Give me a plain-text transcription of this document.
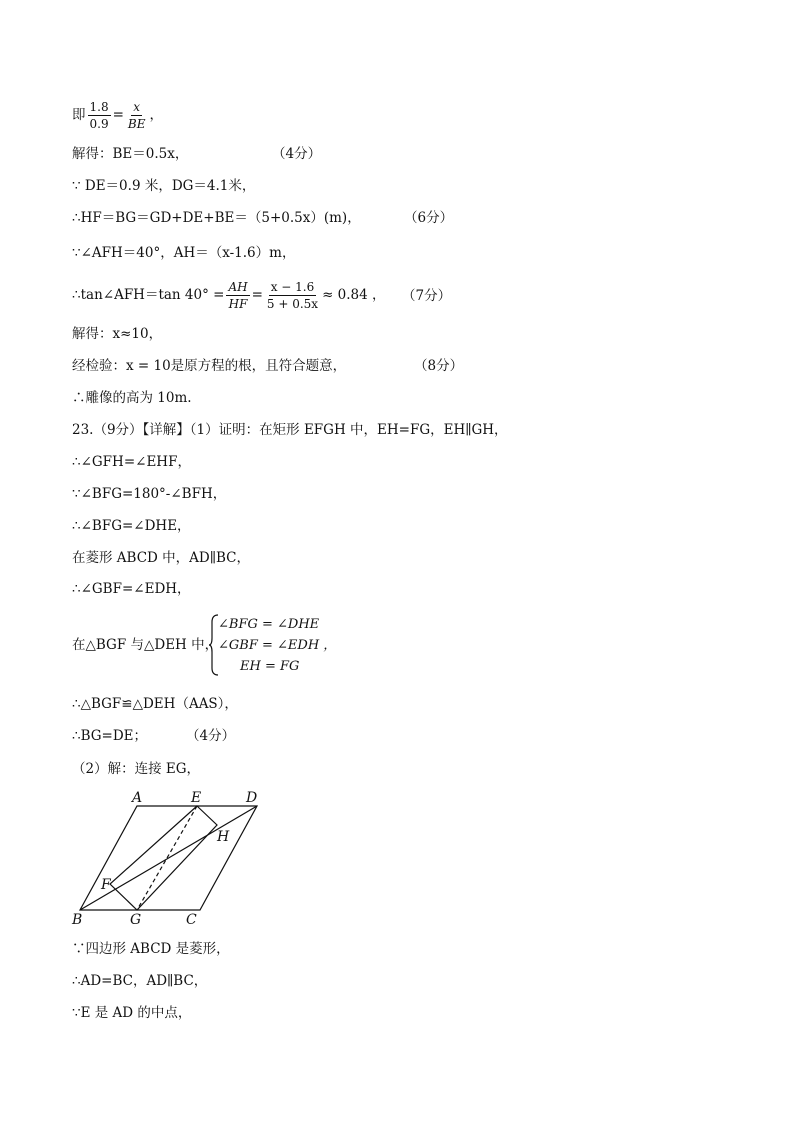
即 $\frac{1.8}{0.9} = \frac{x}{BE}$ ，
解得：BE＝0.5x，	（4分）
∵ DE＝0.9 米，DG＝4.1米，
∴HF＝BG＝GD+DE+BE＝（5+0.5x）(m)，	（6分）
∵∠AFH＝40°，AH＝（x-1.6）m，
∴tan∠AFH＝tan $40^\circ = \frac{AH}{HF} = \frac{x - 1.6}{5 + 0.5x} \approx 0.84$ ， （7分）
解得：x≈10，
经检验：x = 10是原方程的根，且符合题意，	（8分）
∴雕像的高为 10m.
23.（9分）【详解】（1）证明：在矩形 EFGH 中，EH=FG，EH∥GH，
∴∠GFH=∠EHF，
∵∠BFG=180°-∠BFH，
∴∠BFG=∠DHE，
在菱形 ABCD 中，AD∥BC，
∴∠GBF=∠EDH，
在△BGF 与△DEH 中，
∠BFG = ∠DHE
∠GBF = ∠EDH ，
EH = FG
∴△BGF≌△DEH（AAS），
∴BG=DE；	（4分）
（2）解：连接 EG，
A	E	D
H
F
B	G	C
∵四边形 ABCD 是菱形，
∴AD=BC，AD∥BC，
∵E 是 AD 的中点，
